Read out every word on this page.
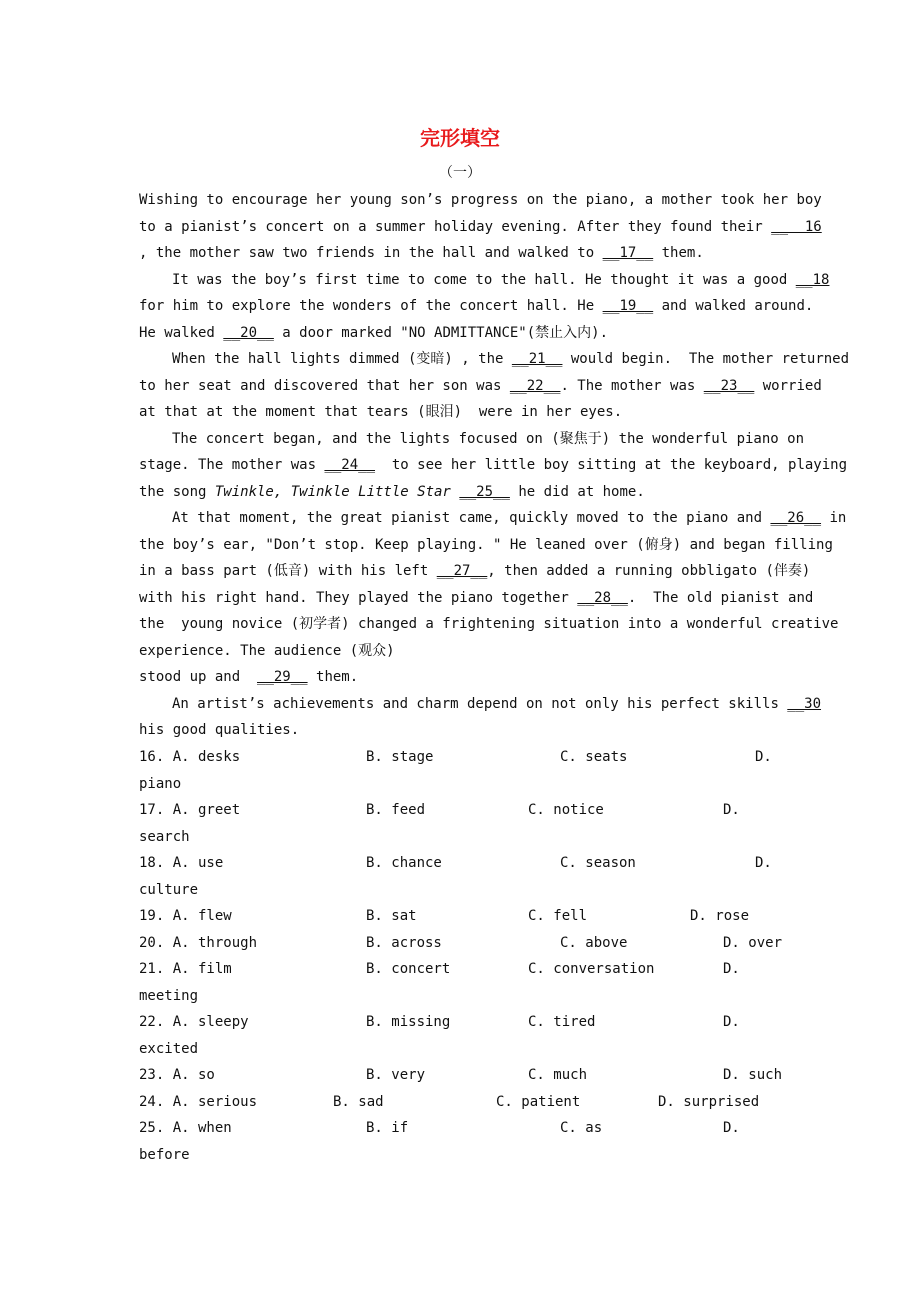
完形填空
（一）
Wishing to encourage her young son’s progress on the piano, a mother took her boy
to a pianist’s concert on a summer holiday evening. After they found their __  16
, the mother saw two friends in the hall and walked to __17__ them.
It was the boy’s first time to come to the hall. He thought it was a good __18
for him to explore the wonders of the concert hall. He __19__ and walked around.
He walked __20__ a door marked "NO ADMITTANCE"(禁止入内).
When the hall lights dimmed (变暗) , the __21__ would begin.  The mother returned
to her seat and discovered that her son was __22__. The mother was __23__ worried
at that at the moment that tears (眼泪)  were in her eyes.
The concert began, and the lights focused on (聚焦于) the wonderful piano on
stage. The mother was __24__  to see her little boy sitting at the keyboard, playing
the song Twinkle, Twinkle Little Star __25__ he did at home.
At that moment, the great pianist came, quickly moved to the piano and __26__ in
the boy’s ear, "Don’t stop. Keep playing. " He leaned over (俯身) and began filling
in a bass part (低音) with his left __27__, then added a running obbligato (伴奏)
with his right hand. They played the piano together __28__.  The old pianist and
the  young novice (初学者) changed a frightening situation into a wonderful creative
experience. The audience (观众)
stood up and  __29__ them.
An artist’s achievements and charm depend on not only his perfect skills __30
his good qualities.
16. A. desks	B. stage	C. seats	D.
piano
17. A. greet	B. feed	C. notice	D.
search
18. A. use	B. chance	C. season	D.
culture
19. A. flew	B. sat	C. fell	D. rose
20. A. through	B. across	C. above	D. over
21. A. film	B. concert	C. conversation	D.
meeting
22. A. sleepy	B. missing	C. tired	D.
excited
23. A. so	B. very	C. much	D. such
24. A. serious	B. sad	C. patient	D. surprised
25. A. when	B. if	C. as	D.
before
